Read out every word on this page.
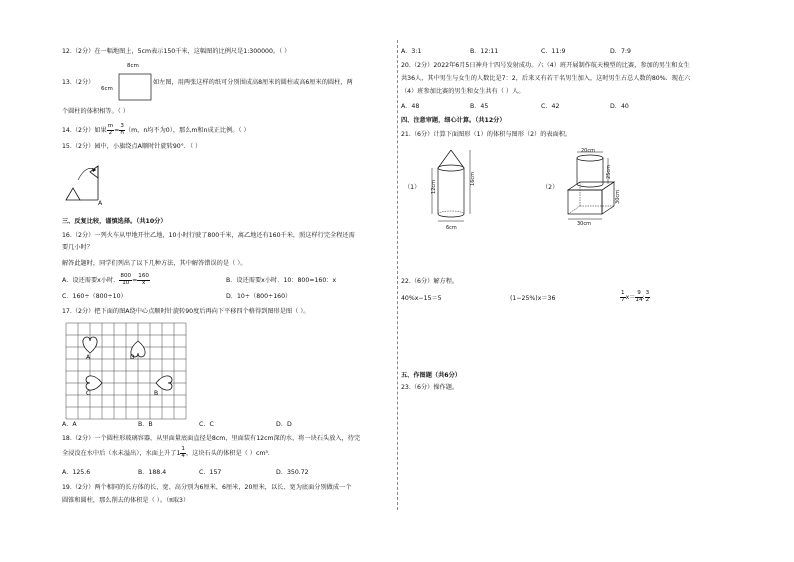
12.（2分）在一幅地图上，5cm表示150千米，这幅图的比例尺是1:300000。（ ）
13.（2分）
8cm
6cm
如左图，用两张这样的纸可分别围成高8厘米的圆柱或高6厘米的圆柱，两
个圆柱的体积相等。（ ）
14.（2分）如果 $\frac{m}{2} = \frac{3}{n} (m$，n均不为0），那么m和n成正比例。（ ）
15.（2分）园中，小旗绕点A顺时针旋转90°．（ ）
A
三、反复比较，谨慎选择。（共10分）
16.（2分）一列火车从甲地开往乙地，10小时行驶了800千米，离乙地还有160千米，照这样行完全程还需
要几小时？
解答此题时，同学们列出了以下几种方法，其中解答错误的是（ ）。
A．设还需要x小时． $\frac{800}{10} = \frac{160}{x}$	B．设还需要x小时．10：800=160：x
C．160÷（800÷10）	D．10÷（800÷160）
17.（2分）把下面的图A绕中心点顺时针旋转90度后再向下平移四个格得到图形是图（ ）。
A	D
C	B
A．A	B．B	C．C	D．D
18.（2分）一个圆柱形玻璃容器，从里面量底面直径是8cm，里面装有12cm深的水，将一块石头放入，待完
全浸没在水中后（水未溢出），水面上升了$1 \frac{1}{4}$ ，这块石头的体积是（ ）cm³．
A．125.6	B．188.4	C．157	D．350.72
19.（2分）两个相同的长方体的长、宽、高分别为6厘米，6厘米，20厘米，以长、宽为底面分别做成一个
圆锥和圆柱，那么削去的体积是（ ）。（π取3）
A．3:1	B．12:11	C．11:9	D．7:9
20.（2分）2022年6月5日神舟十四号发射成功。六（4）班开展制作航天模型的比赛，参加的男生和女生
共36人，其中男生与女生的人数比是7：2，后来又有若干名男生加入，这时男生占总人数的80%．现在六
（4）班参加比赛的男生和女生共有（ ）人。
A．48	B．45	C．42	D．40
四、注意审题，细心计算。（共12分）
21.（6分）计算下面图形（1）的体积与图形（2）的表面积。
（1） 12cm
16cm
6cm
（2）
20cm
25cm
30cm
30cm
22.（6分）解方程。
40%x−15＝5	(1−25%)x＝36	$\frac{1}{7} x= \frac{9}{14}$ : $\frac{3}{2}$
五、作图题（共6分）
23.（6分）操作题。
